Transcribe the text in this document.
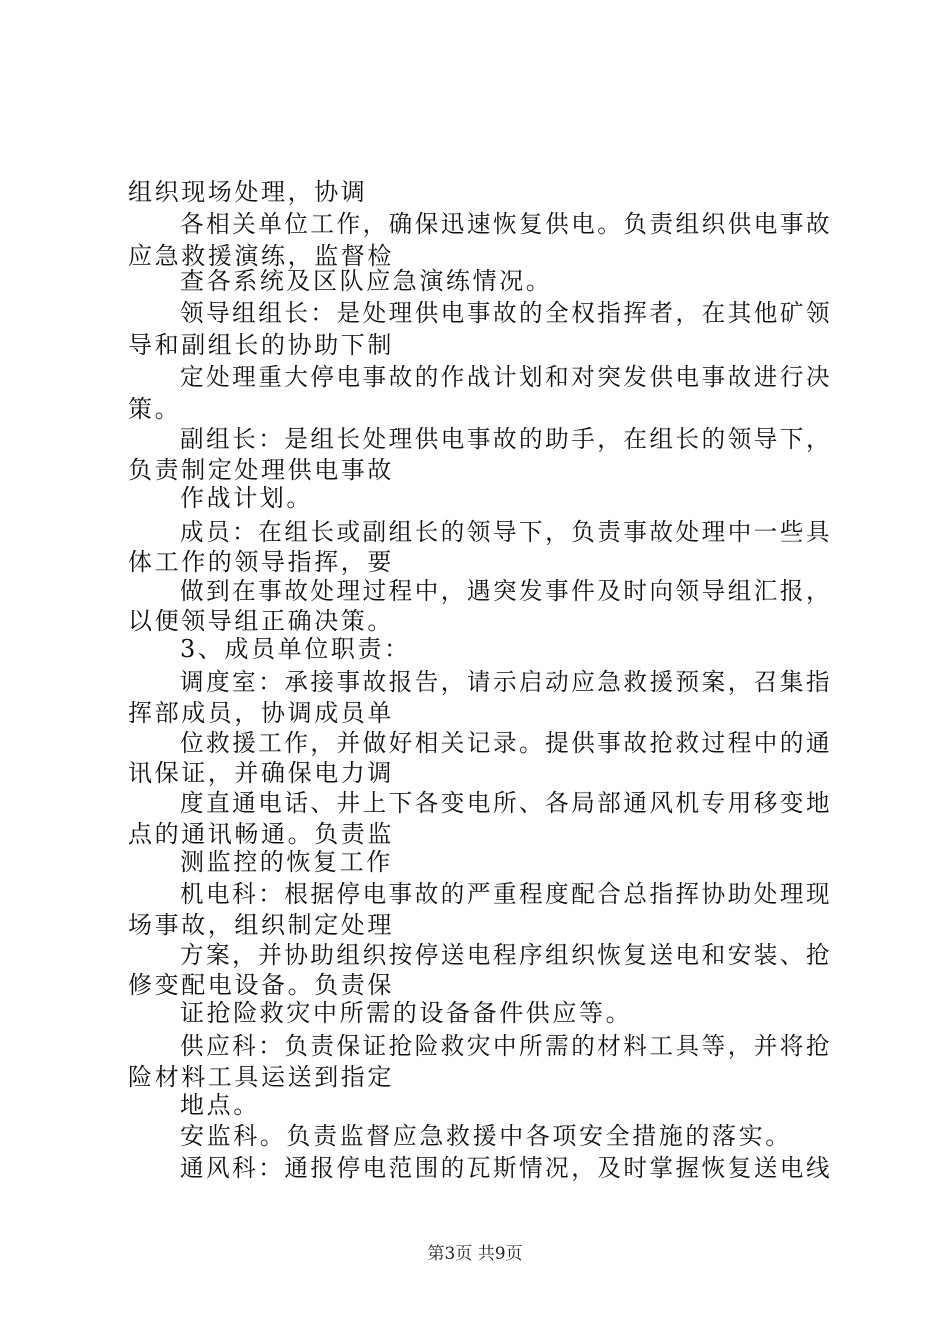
组织现场处理，协调
各相关单位工作，确保迅速恢复供电。负责组织供电事故
应急救援演练，监督检
查各系统及区队应急演练情况。
领导组组长：是处理供电事故的全权指挥者，在其他矿领
导和副组长的协助下制
定处理重大停电事故的作战计划和对突发供电事故进行决
策。
副组长：是组长处理供电事故的助手，在组长的领导下，
负责制定处理供电事故
作战计划。
成员：在组长或副组长的领导下，负责事故处理中一些具
体工作的领导指挥，要
做到在事故处理过程中，遇突发事件及时向领导组汇报，
以便领导组正确决策。
3、成员单位职责：
调度室：承接事故报告，请示启动应急救援预案，召集指
挥部成员，协调成员单
位救援工作，并做好相关记录。提供事故抢救过程中的通
讯保证，并确保电力调
度直通电话、井上下各变电所、各局部通风机专用移变地
点的通讯畅通。负责监
测监控的恢复工作
机电科：根据停电事故的严重程度配合总指挥协助处理现
场事故，组织制定处理
方案，并协助组织按停送电程序组织恢复送电和安装、抢
修变配电设备。负责保
证抢险救灾中所需的设备备件供应等。
供应科：负责保证抢险救灾中所需的材料工具等，并将抢
险材料工具运送到指定
地点。
安监科。负责监督应急救援中各项安全措施的落实。
通风科：通报停电范围的瓦斯情况，及时掌握恢复送电线
第3页 共9页
